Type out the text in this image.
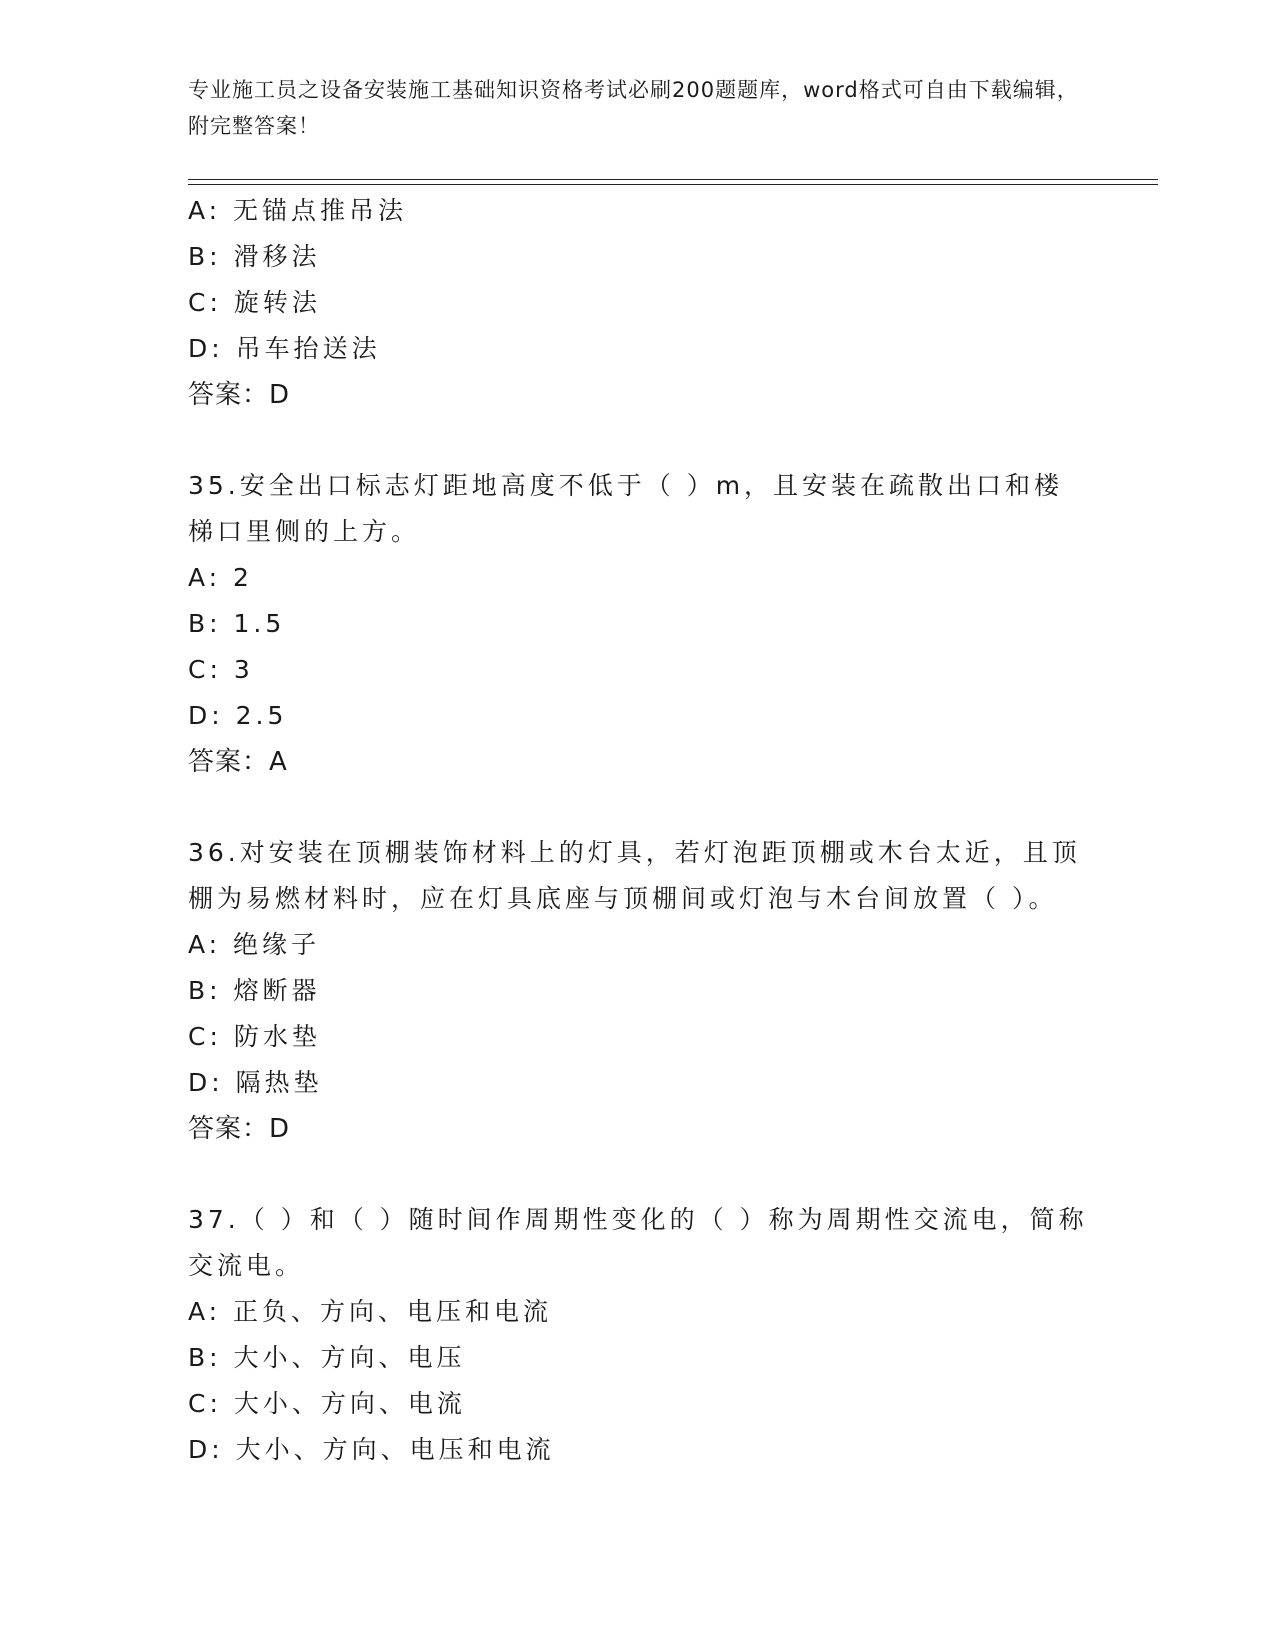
专业施工员之设备安装施工基础知识资格考试必刷200题题库，word格式可自由下载编辑，附完整答案！
A: 无锚点推吊法
B: 滑移法
C: 旋转法
D: 吊车抬送法
答案：D
35.安全出口标志灯距地高度不低于（ ）m，且安装在疏散出口和楼梯口里侧的上方。
A: 2
B: 1.5
C: 3
D: 2.5
答案：A
36.对安装在顶棚装饰材料上的灯具，若灯泡距顶棚或木台太近，且顶棚为易燃材料时，应在灯具底座与顶棚间或灯泡与木台间放置（ ）。
A: 绝缘子
B: 熔断器
C: 防水垫
D: 隔热垫
答案：D
37.（ ）和（ ）随时间作周期性变化的（ ）称为周期性交流电，简称交流电。
A: 正负、方向、电压和电流
B: 大小、方向、电压
C: 大小、方向、电流
D: 大小、方向、电压和电流
